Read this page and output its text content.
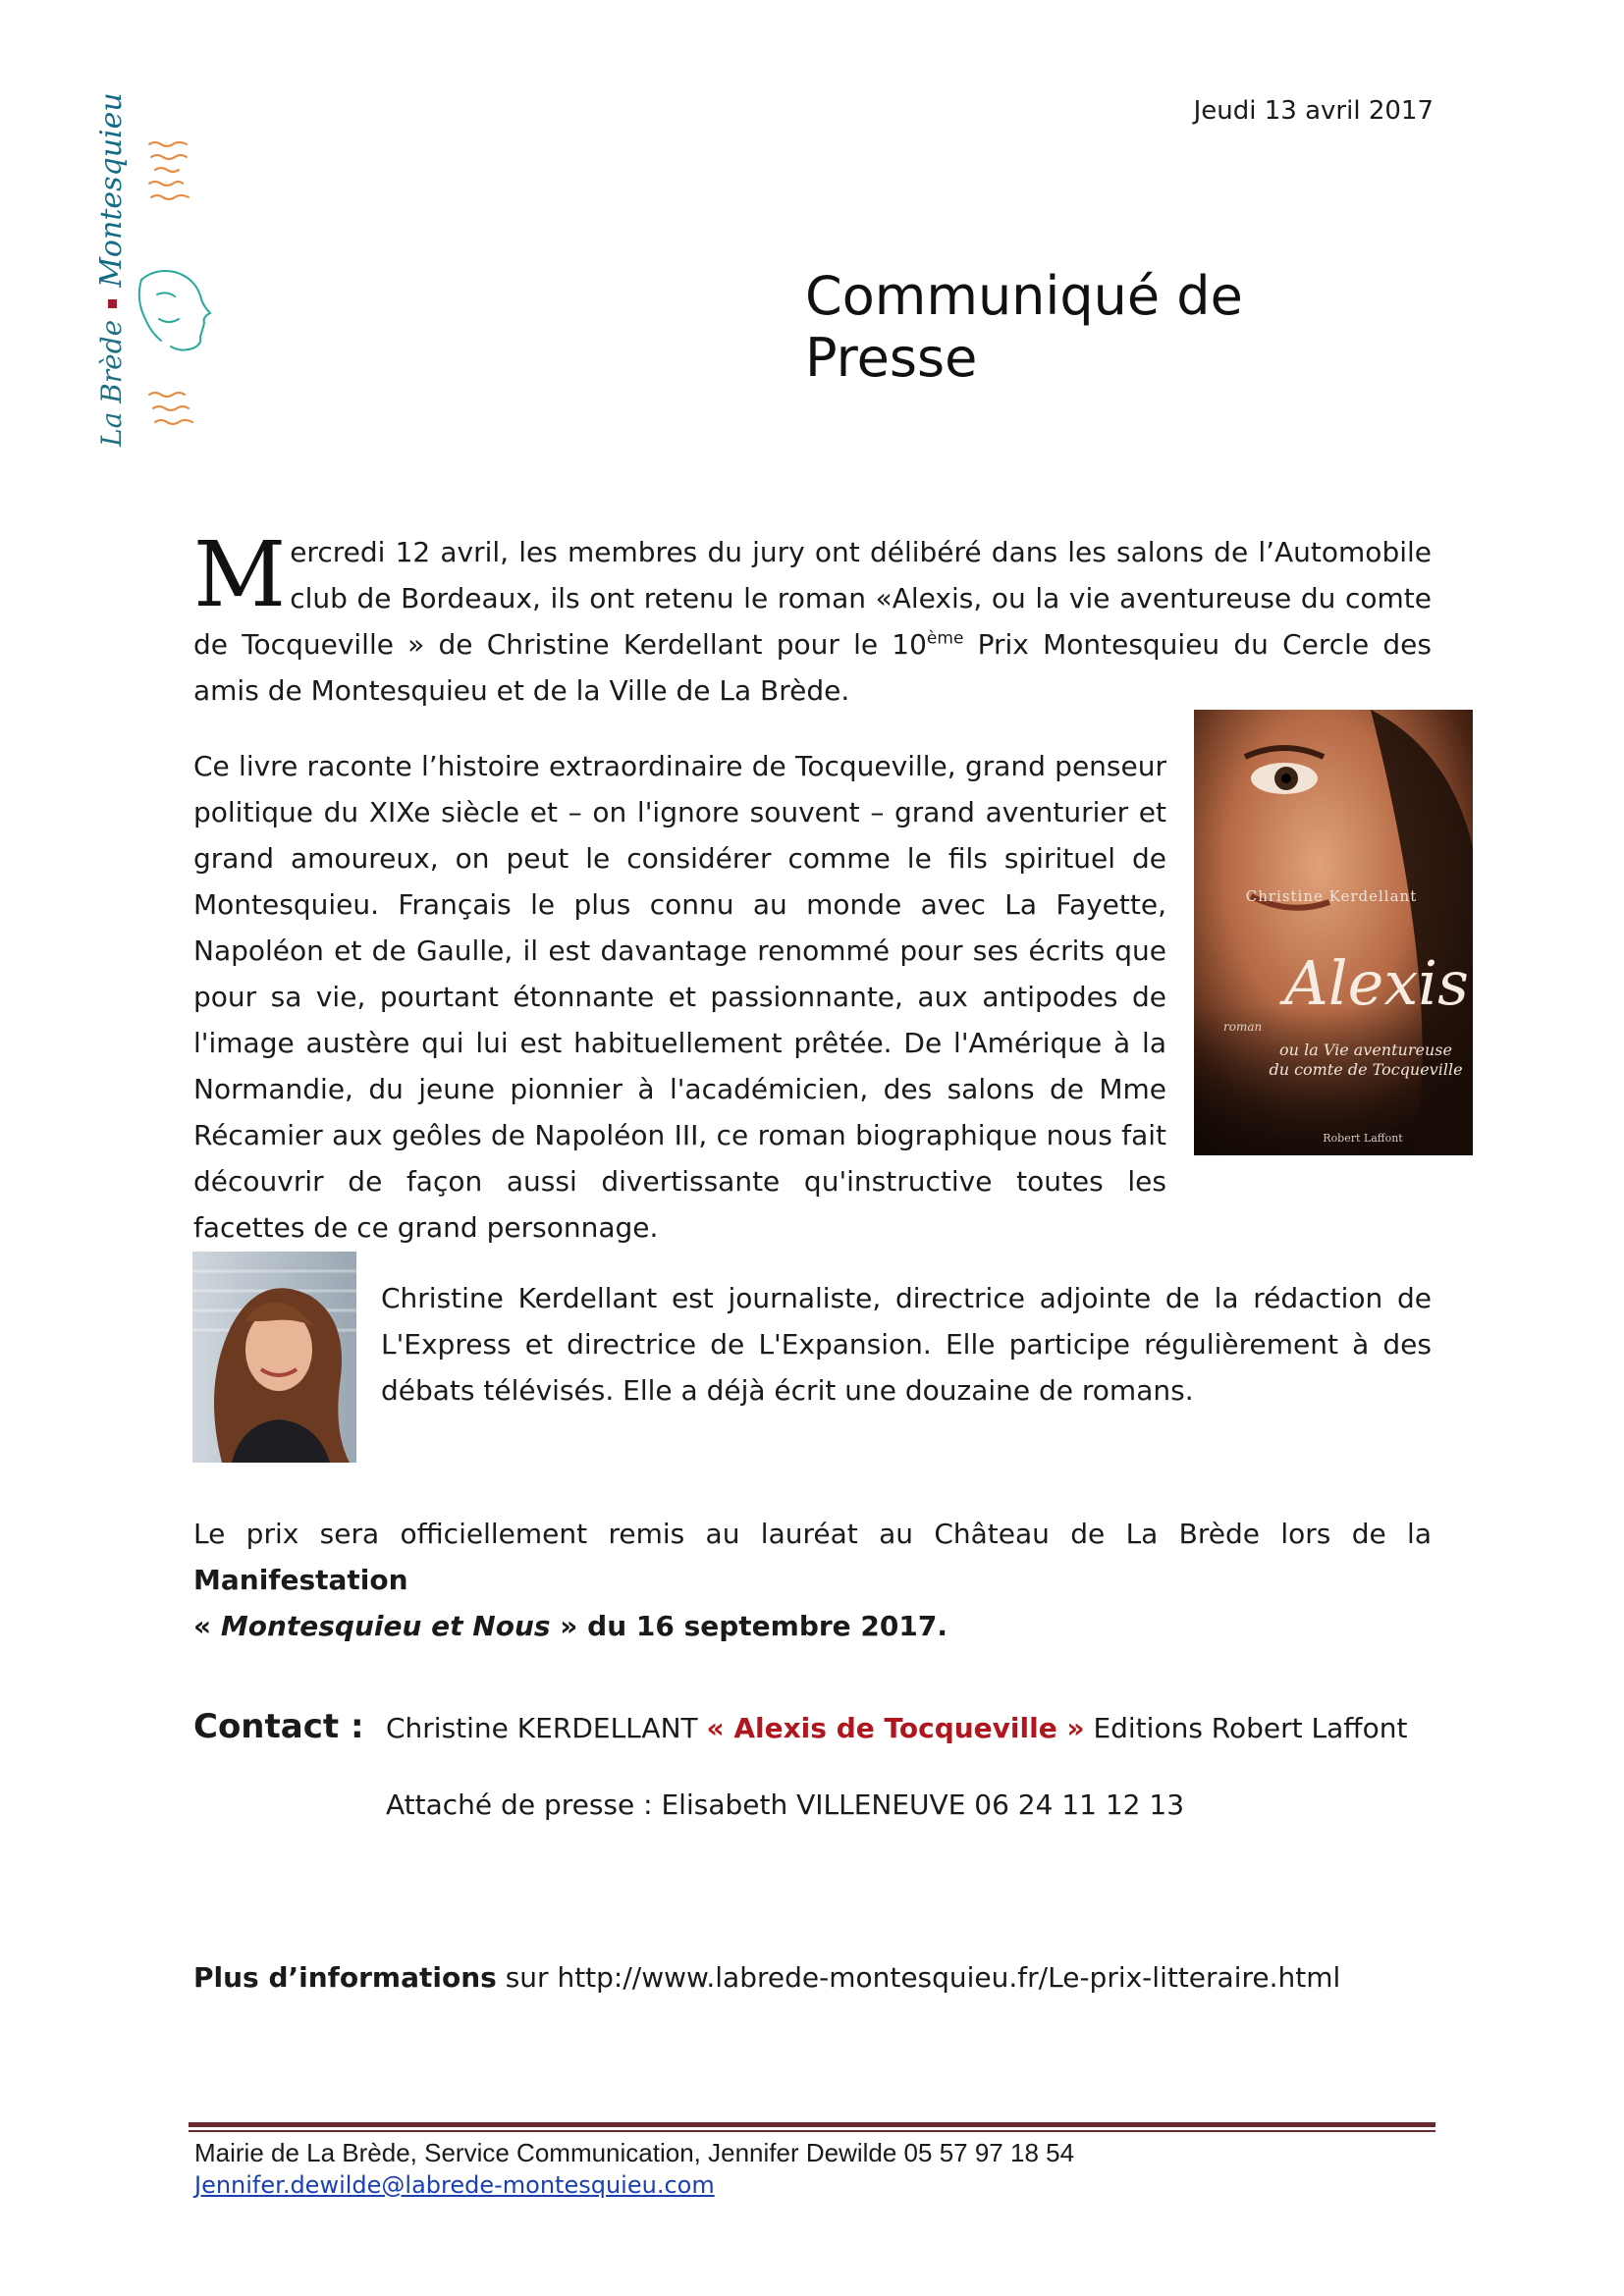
Jeudi 13 avril 2017
La BrèdeMontesquieu
Communiqué de Presse
Mercredi 12 avril, les membres du jury ont délibéré dans les salons de l’Automobile club de Bordeaux, ils ont retenu le roman «Alexis, ou la vie aventureuse du comte de Tocqueville » de Christine Kerdellant pour le 10ème Prix Montesquieu du Cercle des amis de Montesquieu et de la Ville de La Brède.
Ce livre raconte l’histoire extraordinaire de Tocqueville, grand penseur politique du XIXe siècle et – on l'ignore souvent – grand aventurier et grand amoureux, on peut le considérer comme le fils spirituel de Montesquieu. Français le plus connu au monde avec La Fayette, Napoléon et de Gaulle, il est davantage renommé pour ses écrits que pour sa vie, pourtant étonnante et passionnante, aux antipodes de l'image austère qui lui est habituellement prêtée. De l'Amérique à la Normandie, du jeune pionnier à l'académicien, des salons de Mme Récamier aux geôles de Napoléon III, ce roman biographique nous fait découvrir de façon aussi divertissante qu'instructive toutes les facettes de ce grand personnage.
Christine Kerdellant
Alexis
roman
ou la Vie aventureuse
du comte de Tocqueville
Robert Laffont
Christine Kerdellant est journaliste, directrice adjointe de la rédaction de L'Express et directrice de L'Expansion. Elle participe régulièrement à des débats télévisés. Elle a déjà écrit une douzaine de romans.
Le prix sera officiellement remis au lauréat au Château de La Brède lors de la Manifestation
« Montesquieu et Nous » du 16 septembre 2017.
Contact : Christine KERDELLANT « Alexis de Tocqueville » Editions Robert Laffont
Attaché de presse : Elisabeth VILLENEUVE 06 24 11 12 13
Plus d’informations sur http://www.labrede-montesquieu.fr/Le-prix-litteraire.html
Mairie de La Brède, Service Communication, Jennifer Dewilde 05 57 97 18 54
Jennifer.dewilde@labrede-montesquieu.com
